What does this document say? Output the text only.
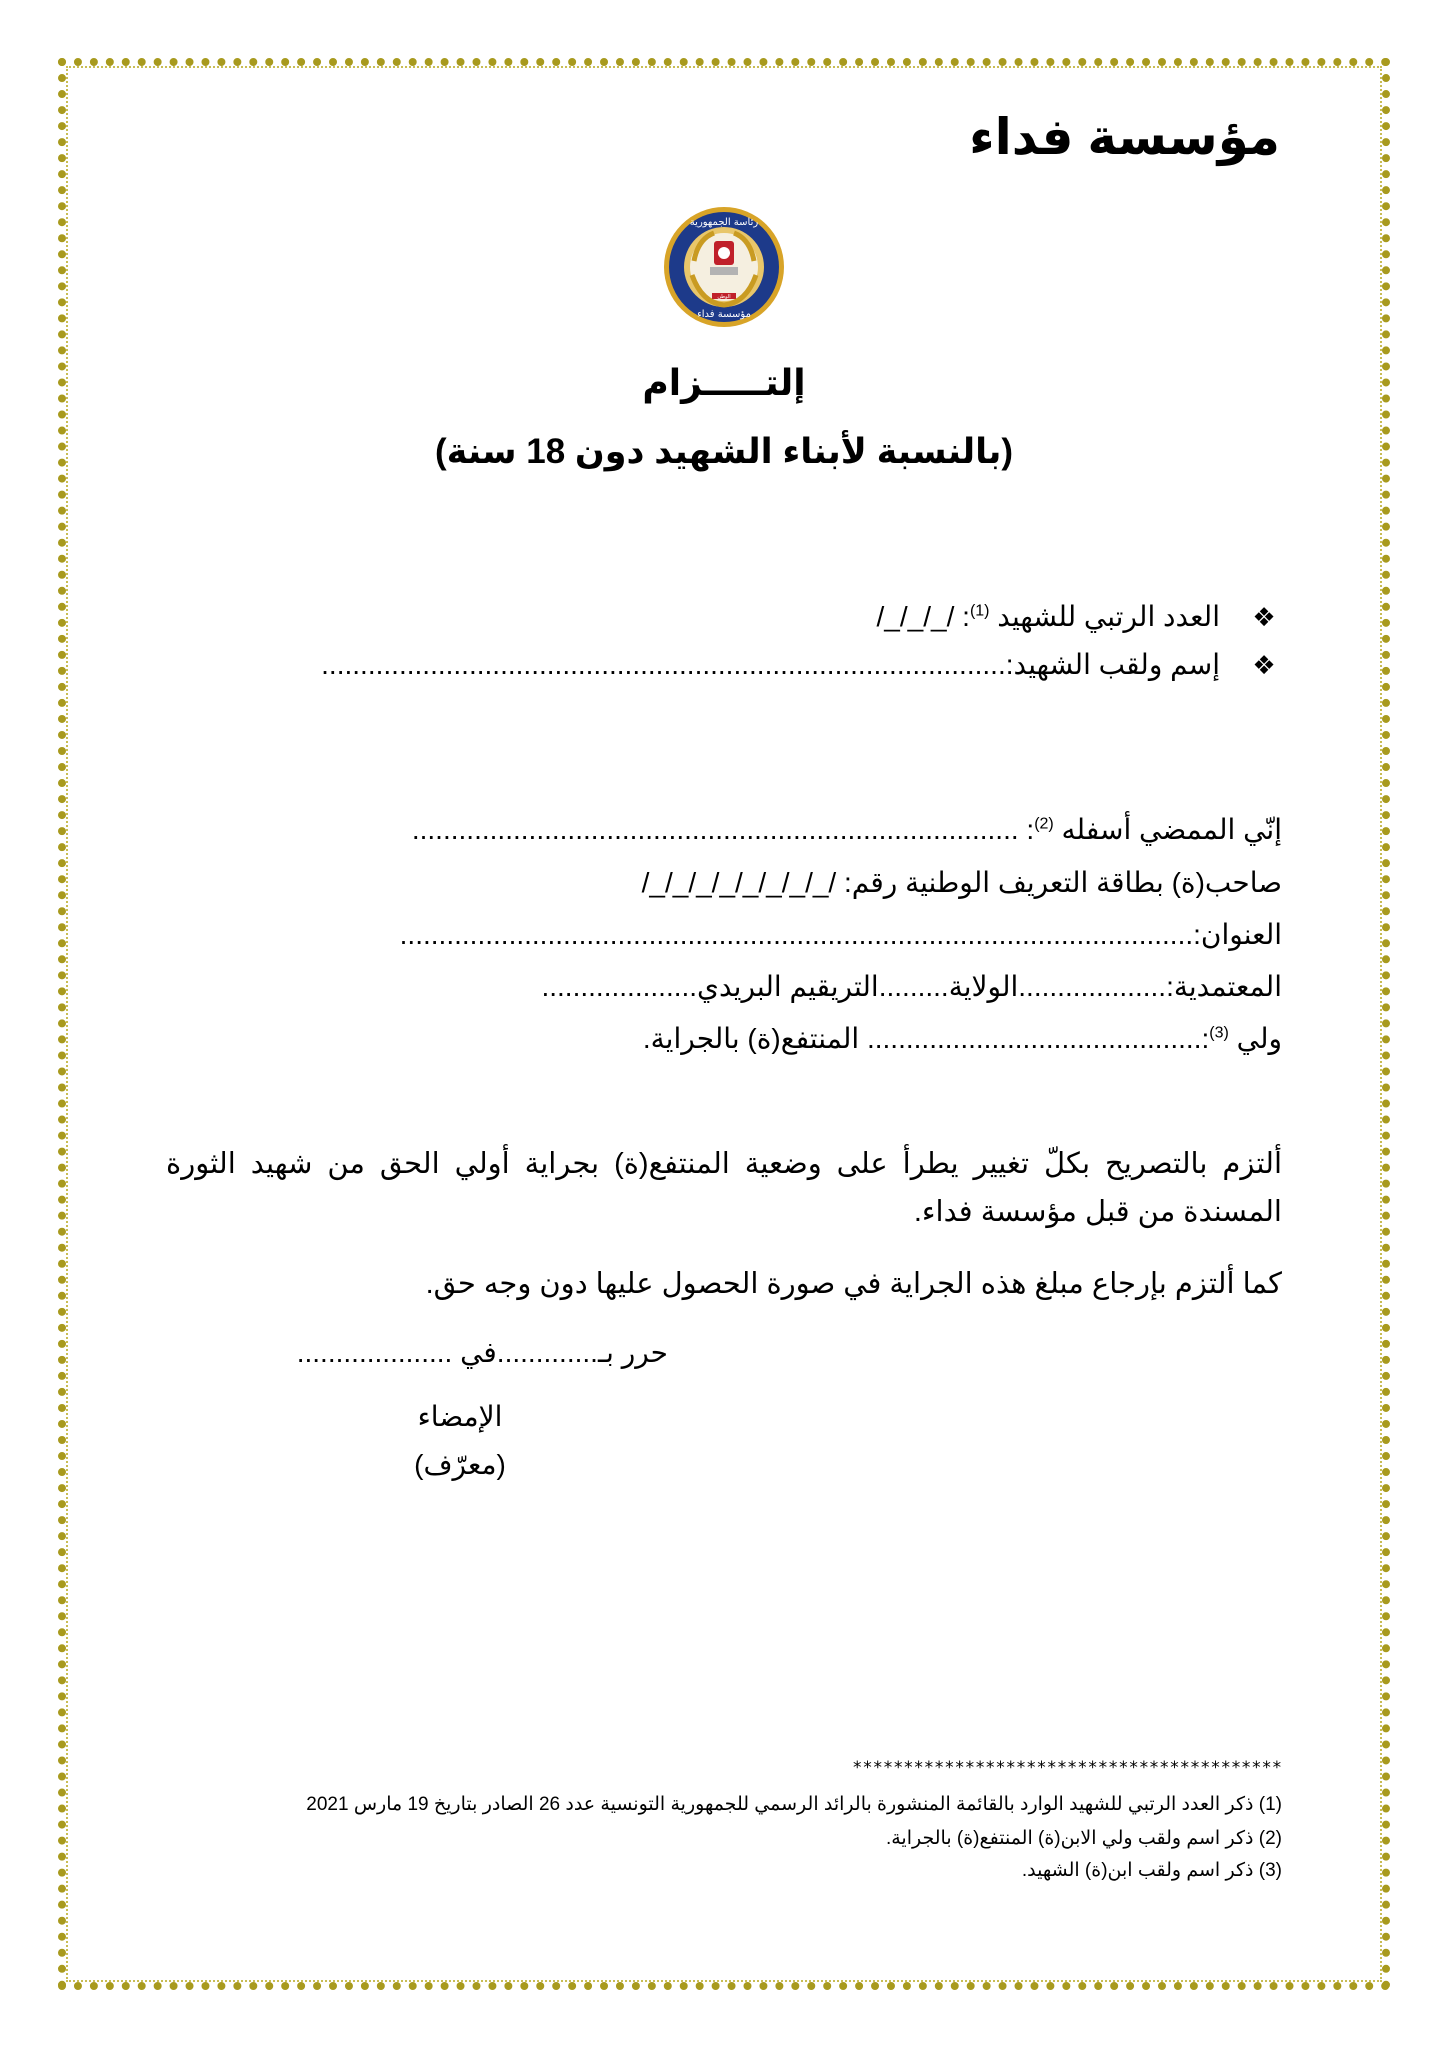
مؤسسة فداء
رئاسة الجمهورية
مؤسسة فداء
الوطن
إلتـــــزام
(بالنسبة لأبناء الشهيد دون 18 سنة)
❖العدد الرتبي للشهيد $^{(1)}$: /_/_/_/
❖إسم ولقب الشهيد:........................................................................................
إنّي الممضي أسفله $^{(2)}$: ..............................................................................
صاحب(ة) بطاقة التعريف الوطنية رقم: /_/_/_/_/_/_/_/_/
العنوان:......................................................................................................
المعتمدية:...................الولاية.........التريقيم البريدي....................
ولي $^{(3)}$:........................................... المنتفع(ة) بالجراية.
ألتزم بالتصريح بكلّ تغيير يطرأ على وضعية المنتفع(ة) بجراية أولي الحق من شهيد الثورة المسندة من قبل مؤسسة فداء.
كما ألتزم بإرجاع مبلغ هذه الجراية في صورة الحصول عليها دون وجه حق.
حرر بـ.............في ....................
الإمضاء
(معرّف)
******************************************
(1) ذكر العدد الرتبي للشهيد الوارد بالقائمة المنشورة بالرائد الرسمي للجمهورية التونسية عدد 26 الصادر بتاريخ 19 مارس 2021
(2) ذكر اسم ولقب ولي الابن(ة) المنتفع(ة) بالجراية.
(3) ذكر اسم ولقب ابن(ة) الشهيد.
